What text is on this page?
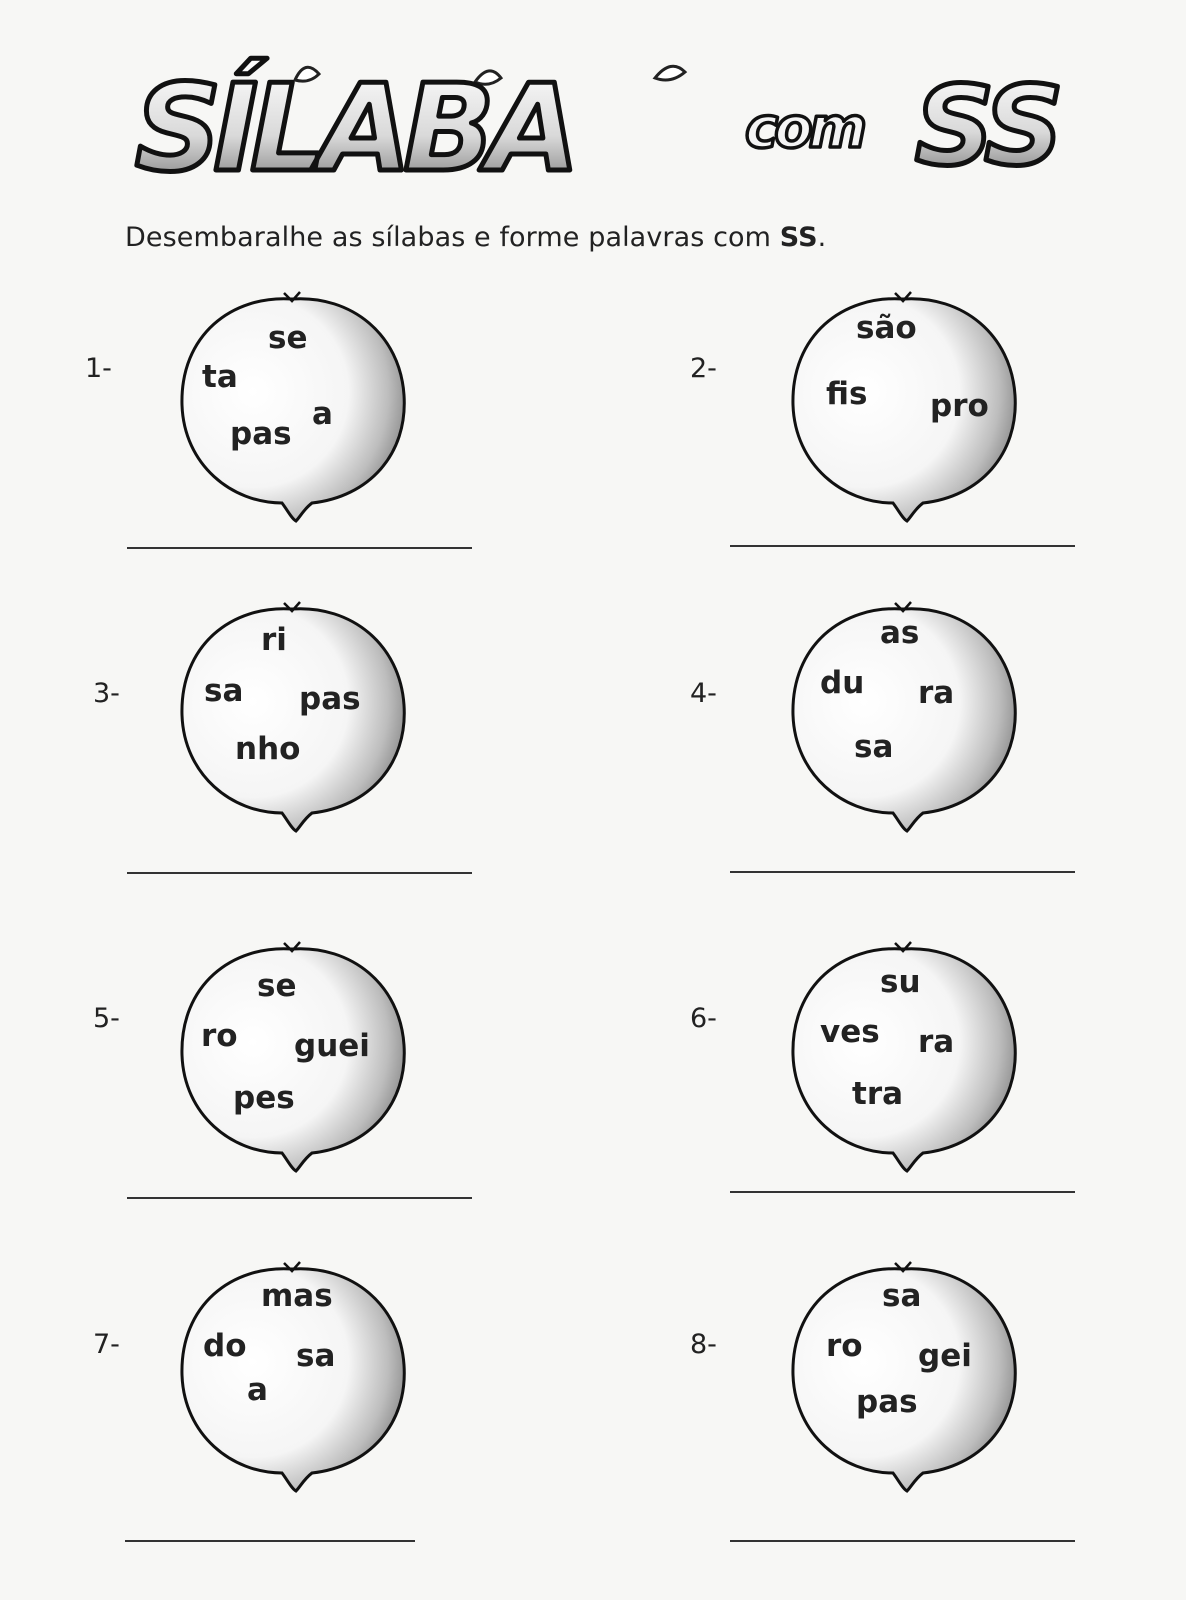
SÍLABA	com SS
Desembaralhe as sílabas e forme palavras com SS.
1-
se
ta
a
pas
2-
são
fis pro
3-
ri
sa pas
nho
4-
as
du ra
sa
5-
se
ro guei
pes
6-
su
ves ra
tra
7-
mas
do sa
a
8-
sa
ro gei
pas
